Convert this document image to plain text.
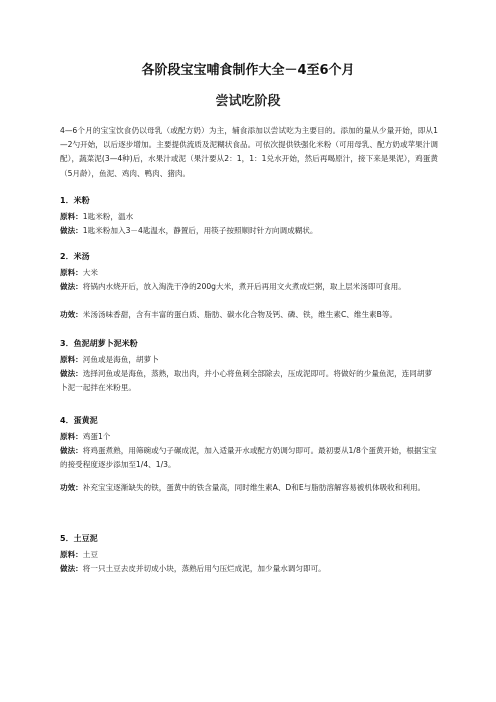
各阶段宝宝哺食制作大全－4至6个月
尝试吃阶段
4—6个月的宝宝饮食仍以母乳（或配方奶）为主，辅食添加以尝试吃为主要目的。添加的量从少量开始，即从1—2勺开始，以后逐步增加。主要提供流质及泥糊状食品。可依次提供铁强化米粉（可用母乳、配方奶或苹果汁调配），蔬菜泥(3—4种)后，水果汁或泥（果汁要从2：1，1：1兑水开始，然后再喝原汁，接下来是果泥），鸡蛋黄（5月龄），鱼泥、鸡肉、鸭肉、猪肉。
1．米粉
原料：1匙米粉，温水
做法：1匙米粉加入3－4匙温水，静置后，用筷子按照顺时针方向调成糊状。
2．米汤
原料：大米
做法：将锅内水烧开后，放入淘洗干净的200g大米，煮开后再用文火煮成烂粥，取上层米汤即可食用。
功效：米汤汤味香甜，含有丰富的蛋白质、脂肪、碳水化合物及钙、磷、铁，维生素C、维生素B等。
3．鱼泥胡萝卜泥米粉
原料：河鱼或是海鱼，胡萝卜
做法：选择河鱼或是海鱼，蒸熟，取出肉，并小心将鱼刺全部除去，压成泥即可。将做好的少量鱼泥，连同胡萝卜泥一起拌在米粉里。
4．蛋黄泥
原料：鸡蛋1个
做法：将鸡蛋煮熟，用筛碗或勺子碾成泥，加入适量开水或配方奶调匀即可。最初要从1/8个蛋黄开始，根据宝宝的接受程度逐步添加至1/4、1/3。
功效：补充宝宝逐渐缺失的铁，蛋黄中的铁含量高，同时维生素A、D和E与脂肪溶解容易被机体吸收和利用。
5．土豆泥
原料：土豆
做法：将一只土豆去皮并切成小块，蒸熟后用勺压烂成泥，加少量水调匀即可。
